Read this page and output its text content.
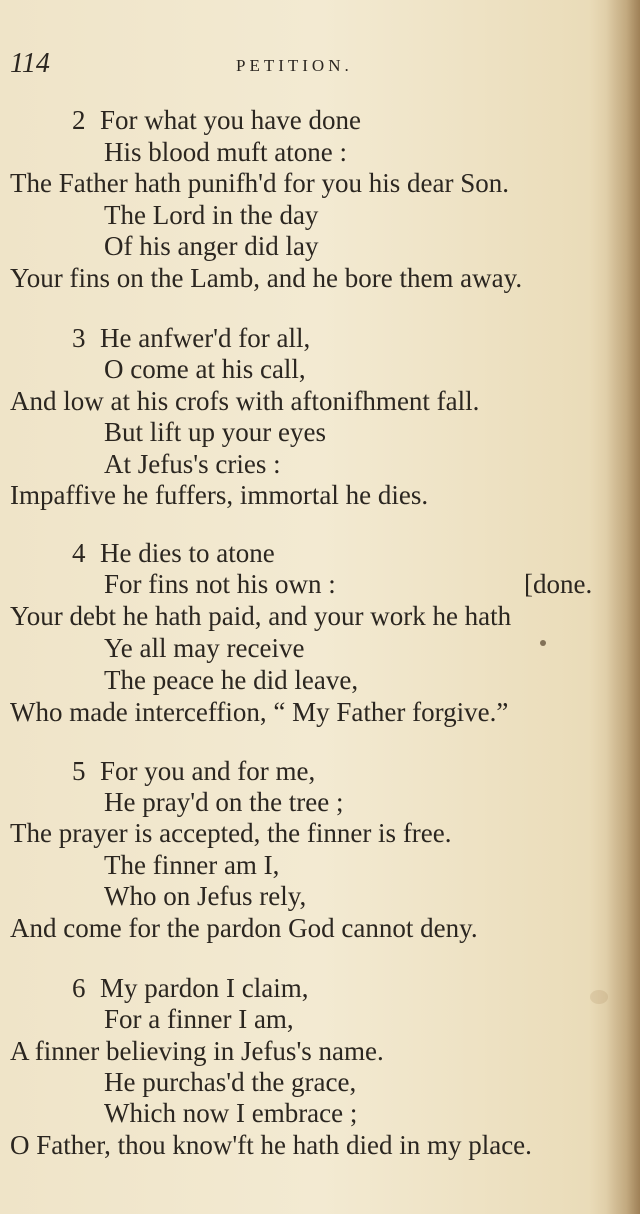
114	PETITION.
2 For what you have done
His blood muft atone :
The Father hath punifh'd for you his dear Son.
The Lord in the day
Of his anger did lay
Your fins on the Lamb, and he bore them away.
3 He anfwer'd for all,
O come at his call,
And low at his crofs with aftonifhment fall.
But lift up your eyes
At Jefus's cries :
Impaffive he fuffers, immortal he dies.
4 He dies to atone
For fins not his own :	[done.
Your debt he hath paid, and your work he hath
Ye all may receive
The peace he did leave,
Who made interceffion, “ My Father forgive.”
5 For you and for me,
He pray'd on the tree ;
The prayer is accepted, the finner is free.
The finner am I,
Who on Jefus rely,
And come for the pardon God cannot deny.
6 My pardon I claim,
For a finner I am,
A finner believing in Jefus's name.
He purchas'd the grace,
Which now I embrace ;
O Father, thou know'ft he hath died in my place.
